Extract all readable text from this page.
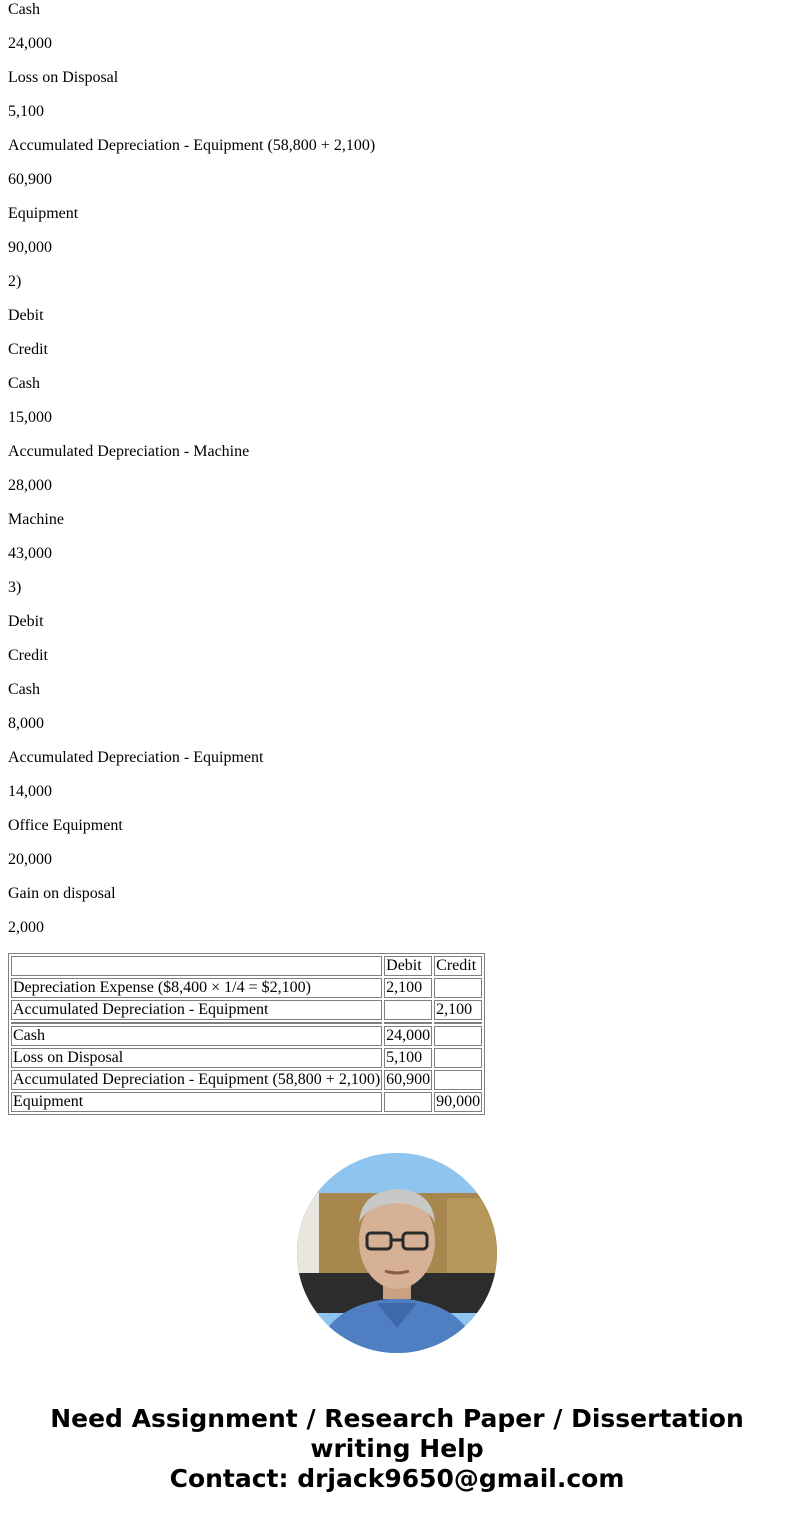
Cash

24,000

Loss on Disposal

5,100

Accumulated Depreciation - Equipment (58,800 + 2,100)

60,900

Equipment

90,000

2)

Debit

Credit

Cash

15,000

Accumulated Depreciation - Machine

28,000

Machine

43,000

3)

Debit

Credit

Cash

8,000

Accumulated Depreciation - Equipment

14,000

Office Equipment

20,000

Gain on disposal

2,000

	Debit	Credit
Depreciation Expense ($8,400 × 1/4 = $2,100)	2,100	
Accumulated Depreciation - Equipment		2,100

Cash	24,000	
Loss on Disposal	5,100	
Accumulated Depreciation - Equipment (58,800 + 2,100)	60,900	
Equipment		90,000
Need Assignment / Research Paper / Dissertation
writing Help
Contact: drjack9650@gmail.com
